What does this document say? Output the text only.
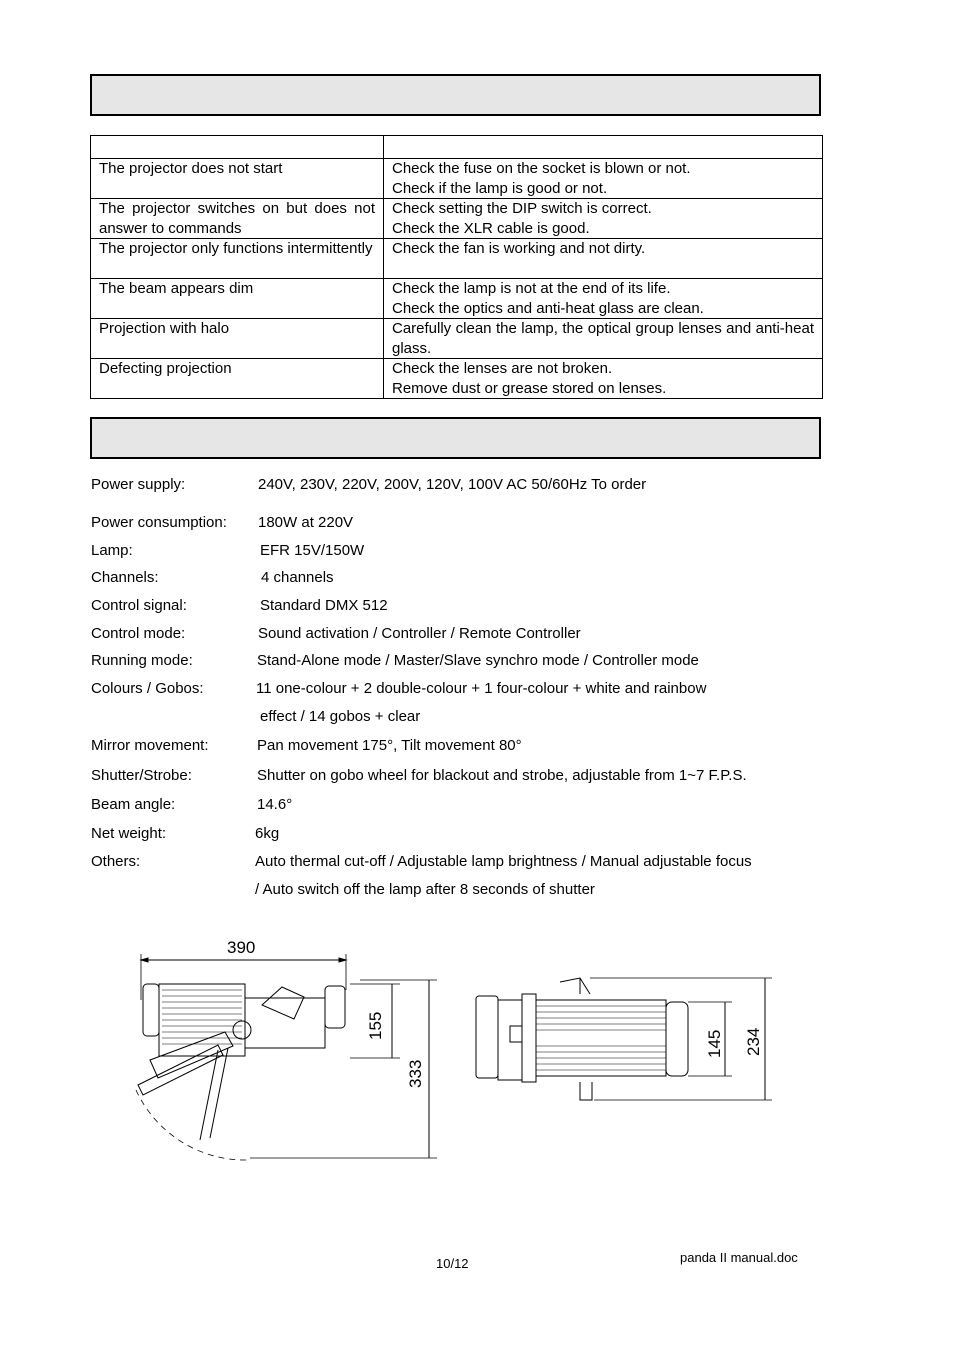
The projector does not start	Check the fuse on the socket is blown or not.
Check if the lamp is good or not.

The projector switches on but does not answer to commands	Check setting the DIP switch is correct.
Check the XLR cable is good.

The projector only functions intermittently	Check the fan is working and not dirty.

The beam appears dim	Check the lamp is not at the end of its life.
Check the optics and anti-heat glass are clean.

Projection with halo	Carefully clean the lamp, the optical group lenses and anti-heat glass.
Defecting projection	Check the lenses are not broken.
Remove dust or grease stored on lenses.
Power supply:	240V, 230V, 220V, 200V, 120V, 100V AC 50/60Hz To order
Power consumption: 180W at 220V
Lamp:	EFR 15V/150W
Channels:	4 channels
Control signal:	Standard DMX 512
Control mode:	Sound activation / Controller / Remote Controller
Running mode:	Stand-Alone mode / Master/Slave synchro mode / Controller mode
Colours / Gobos:	11 one-colour + 2 double-colour + 1 four-colour + white and rainbow
effect / 14 gobos + clear
Mirror movement:	Pan movement 175°, Tilt movement 80°
Shutter/Strobe:	Shutter on gobo wheel for blackout and strobe, adjustable from 1~7 F.P.S.
Beam angle:	14.6°
Net weight:	6kg
Others:	Auto thermal cut-off / Adjustable lamp brightness / Manual adjustable focus
/ Auto switch off the lamp after 8 seconds of shutter
390
155
333
145 234
10/12	panda II manual.doc
